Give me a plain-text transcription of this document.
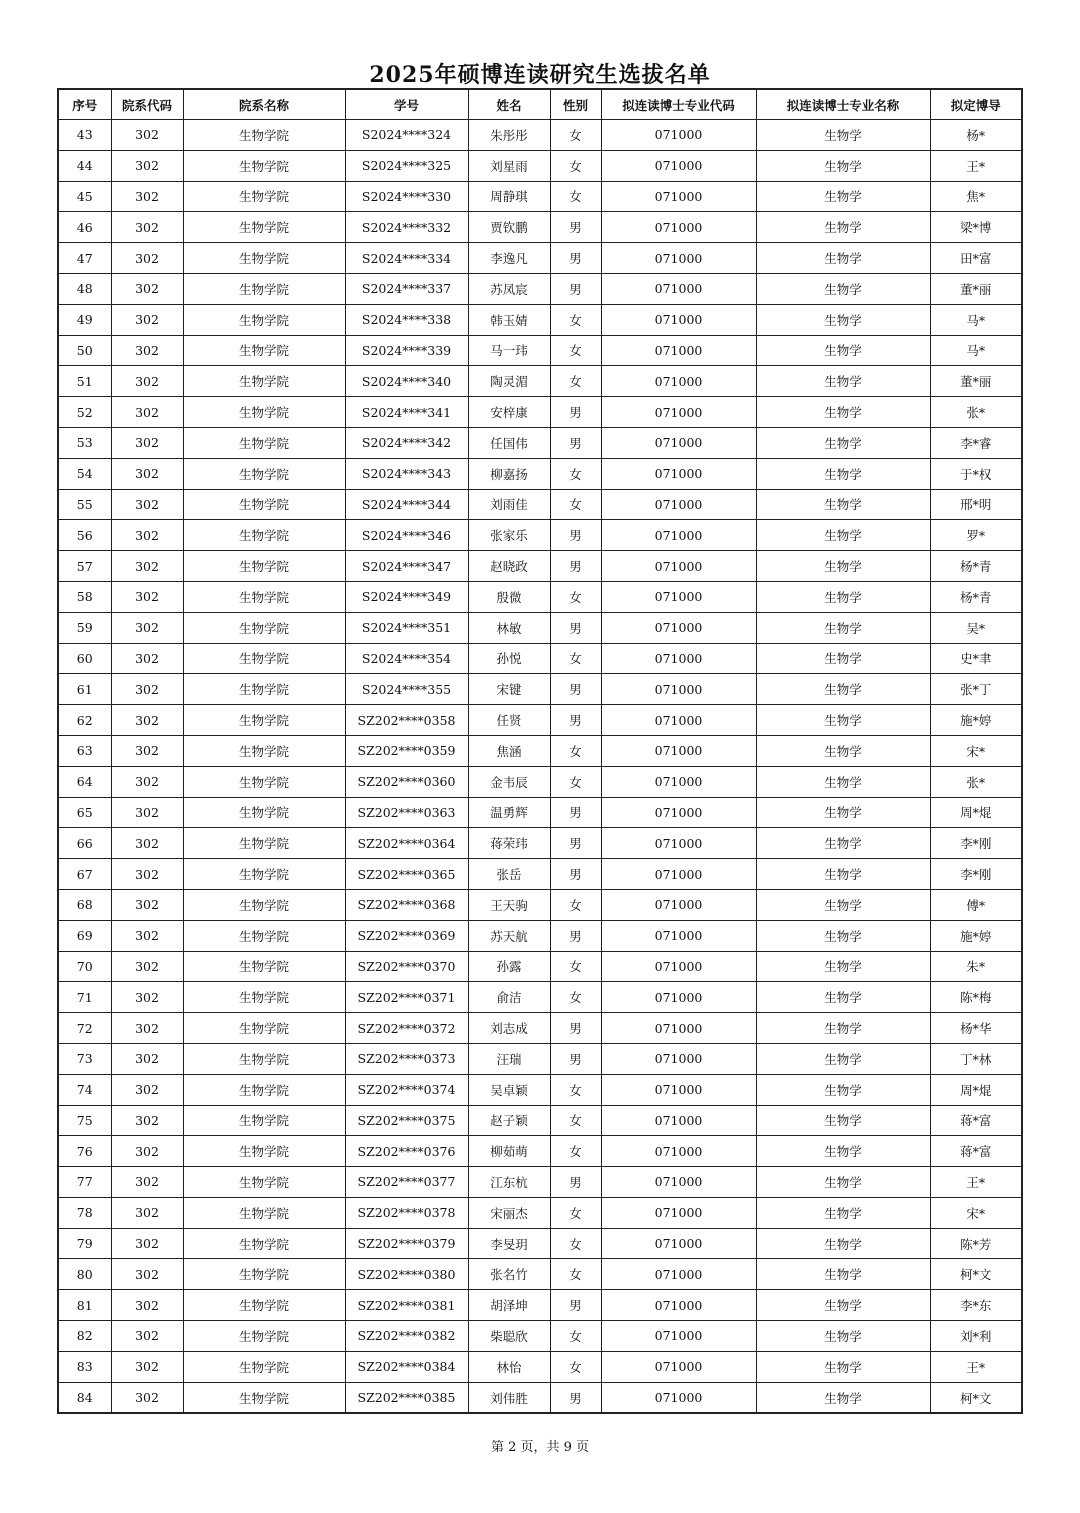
2025年硕博连读研究生选拔名单
序号	院系代码	院系名称	学号	姓名	性别	拟连读博士专业代码	拟连读博士专业名称	拟定博导
43	302	生物学院	S2024****324	朱彤彤	女	071000	生物学	杨*
44	302	生物学院	S2024****325	刘星雨	女	071000	生物学	王*
45	302	生物学院	S2024****330	周静琪	女	071000	生物学	焦*
46	302	生物学院	S2024****332	贾钦鹏	男	071000	生物学	梁*博
47	302	生物学院	S2024****334	李逸凡	男	071000	生物学	田*富
48	302	生物学院	S2024****337	苏凤宸	男	071000	生物学	董*丽
49	302	生物学院	S2024****338	韩玉婧	女	071000	生物学	马*
50	302	生物学院	S2024****339	马一玮	女	071000	生物学	马*
51	302	生物学院	S2024****340	陶灵湄	女	071000	生物学	董*丽
52	302	生物学院	S2024****341	安梓康	男	071000	生物学	张*
53	302	生物学院	S2024****342	任国伟	男	071000	生物学	李*睿
54	302	生物学院	S2024****343	柳嘉扬	女	071000	生物学	于*权
55	302	生物学院	S2024****344	刘雨佳	女	071000	生物学	邢*明
56	302	生物学院	S2024****346	张家乐	男	071000	生物学	罗*
57	302	生物学院	S2024****347	赵晓政	男	071000	生物学	杨*青
58	302	生物学院	S2024****349	殷微	女	071000	生物学	杨*青
59	302	生物学院	S2024****351	林敏	男	071000	生物学	吴*
60	302	生物学院	S2024****354	孙悦	女	071000	生物学	史*聿
61	302	生物学院	S2024****355	宋键	男	071000	生物学	张*丁
62	302	生物学院	SZ202****0358	任贤	男	071000	生物学	施*婷
63	302	生物学院	SZ202****0359	焦涵	女	071000	生物学	宋*
64	302	生物学院	SZ202****0360	金韦辰	女	071000	生物学	张*
65	302	生物学院	SZ202****0363	温勇辉	男	071000	生物学	周*焜
66	302	生物学院	SZ202****0364	蒋荣玮	男	071000	生物学	李*刚
67	302	生物学院	SZ202****0365	张岳	男	071000	生物学	李*刚
68	302	生物学院	SZ202****0368	王天驹	女	071000	生物学	傅*
69	302	生物学院	SZ202****0369	苏天航	男	071000	生物学	施*婷
70	302	生物学院	SZ202****0370	孙露	女	071000	生物学	朱*
71	302	生物学院	SZ202****0371	俞洁	女	071000	生物学	陈*梅
72	302	生物学院	SZ202****0372	刘志成	男	071000	生物学	杨*华
73	302	生物学院	SZ202****0373	汪瑞	男	071000	生物学	丁*林
74	302	生物学院	SZ202****0374	吴卓颖	女	071000	生物学	周*焜
75	302	生物学院	SZ202****0375	赵子颖	女	071000	生物学	蒋*富
76	302	生物学院	SZ202****0376	柳茹萌	女	071000	生物学	蒋*富
77	302	生物学院	SZ202****0377	江东杭	男	071000	生物学	王*
78	302	生物学院	SZ202****0378	宋丽杰	女	071000	生物学	宋*
79	302	生物学院	SZ202****0379	李旻玥	女	071000	生物学	陈*芳
80	302	生物学院	SZ202****0380	张名竹	女	071000	生物学	柯*文
81	302	生物学院	SZ202****0381	胡泽坤	男	071000	生物学	李*东
82	302	生物学院	SZ202****0382	柴聪欣	女	071000	生物学	刘*利
83	302	生物学院	SZ202****0384	林怡	女	071000	生物学	王*
84	302	生物学院	SZ202****0385	刘伟胜	男	071000	生物学	柯*文
第 2 页，共 9 页
